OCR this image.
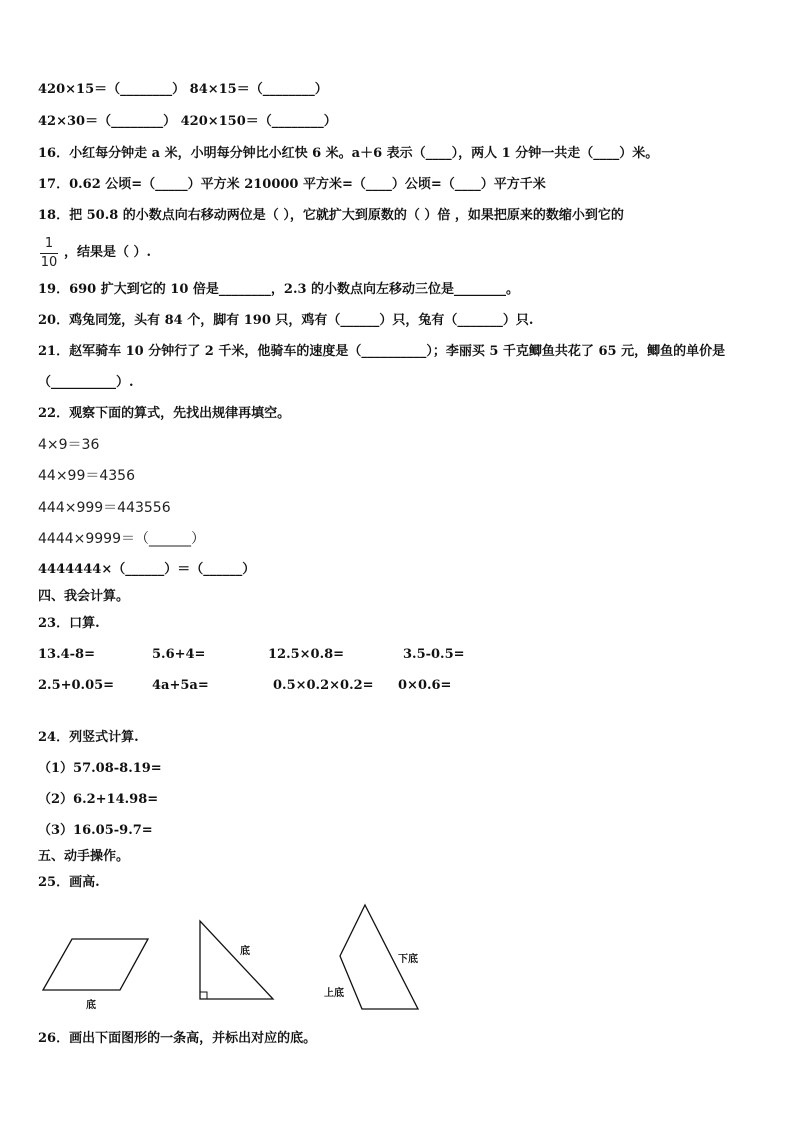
420×15＝（________） 84×15＝（________）
42×30＝（________） 420×150＝（________）
16．小红每分钟走 a 米，小明每分钟比小红快 6 米。a＋6 表示（____），两人 1 分钟一共走（____）米。
17．0.62 公顷=（_____）平方米 210000 平方米=（____）公顷=（____）平方千米
18．把 50.8 的小数点向右移动两位是（ ），它就扩大到原数的（ ）倍 ，如果把原来的数缩小到它的
1
10
，结果是（ ）.
19．690 扩大到它的 10 倍是________，2.3 的小数点向左移动三位是________。
20．鸡兔同笼，头有 84 个，脚有 190 只，鸡有（______）只，兔有（_______）只.
21．赵军骑车 10 分钟行了 2 千米，他骑车的速度是（__________）；李丽买 5 千克鲫鱼共花了 65 元，鲫鱼的单价是
（__________）.
22．观察下面的算式，先找出规律再填空。
4×9＝36
44×99＝4356
444×999＝443556
4444×9999＝（______）
4444444×（______）＝（______）
四、我会计算。
23．口算.
13.4-8=	5.6+4=	12.5×0.8=	3.5-0.5=
2.5+0.05=	4a+5a=	0.5×0.2×0.2= 0×0.6=
24．列竖式计算.
（1）57.08-8.19=
（2）6.2+14.98=
（3）16.05-9.7=
五、动手操作。
25．画高.
底
底
下底
上底
26．画出下面图形的一条高，并标出对应的底。
